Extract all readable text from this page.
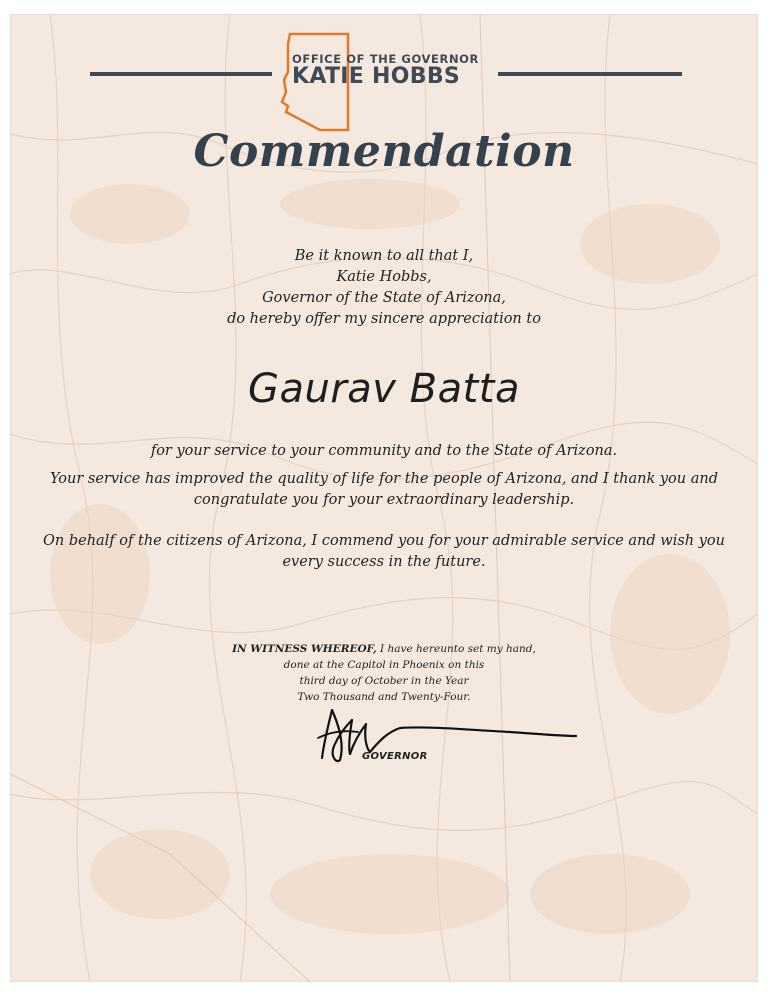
OFFICE OF THE GOVERNOR
KATIE HOBBS
Commendation
Be it known to all that I,
Katie Hobbs,
Governor of the State of Arizona,
do hereby offer my sincere appreciation to
Gaurav Batta
for your service to your community and to the State of Arizona.
Your service has improved the quality of life for the people of Arizona, and I thank you and congratulate you for your extraordinary leadership.
On behalf of the citizens of Arizona, I commend you for your admirable service and wish you every success in the future.
IN WITNESS WHEREOF, I have hereunto set my hand,
done at the Capitol in Phoenix on this
third day of October in the Year
Two Thousand and Twenty-Four.
GOVERNOR
